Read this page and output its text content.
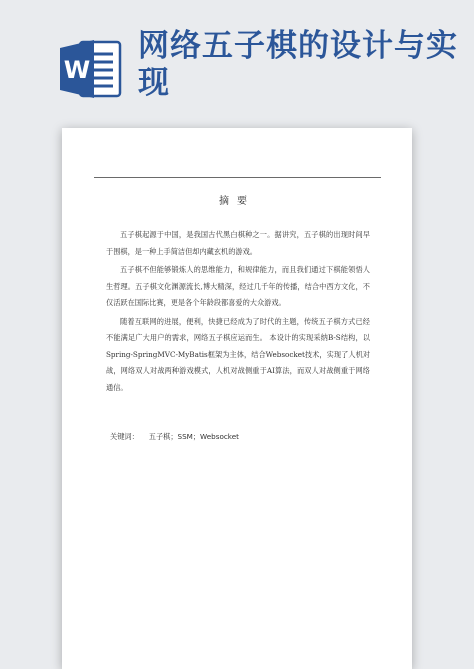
W
网络五子棋的设计与实现
摘要

五子棋起源于中国，是我国古代黑白棋种之一。据讲究，五子棋的出现时间早于围棋，是一种上手简洁但却内藏玄机的游戏。

五子棋不但能够锻炼人的思维能力，和规律能力，而且我们通过下棋能领悟人生哲理。五子棋文化渊源流长,博大精深，经过几千年的传播，结合中西方文化，不仅活跃在国际比赛，更是各个年龄段都喜爱的大众游戏。

随着互联网的进展，便利，快捷已经成为了时代的主题，传统五子棋方式已经不能满足广大用户的需求，网络五子棋应运而生。 本设计的实现采纳B-S结构，以Spring-SpringMVC-MyBatis框架为主体，结合Websocket技术，实现了人机对战，网络双人对战两种游戏模式，人机对战侧重于AI算法，而双人对战侧重于网络通信。

关键词： 五子棋；SSM；Websocket
